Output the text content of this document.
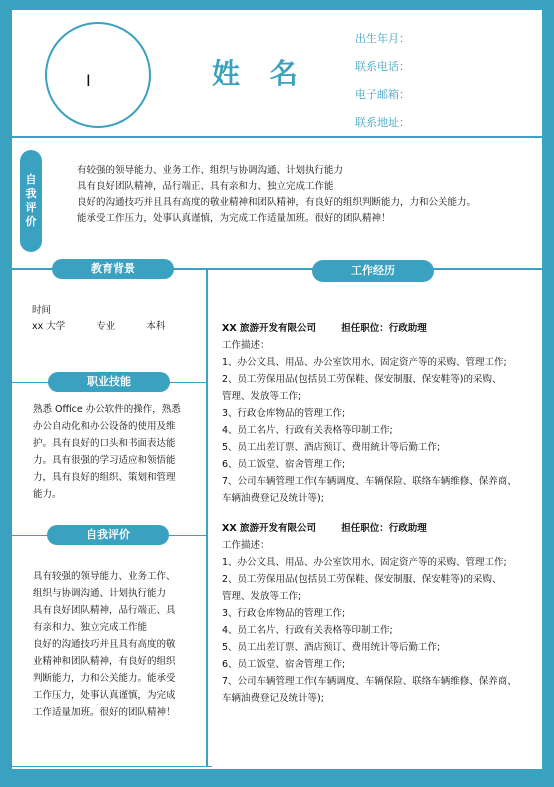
I	姓 名
出生年月：
联系电话：
电子邮箱：
联系地址：
自
我
评
价
有较强的领导能力、业务工作、组织与协调沟通、计划执行能力
具有良好团队精神，品行端正、具有亲和力、独立完成工作能
良好的沟通技巧并且具有高度的敬业精神和团队精神，有良好的组织判断能力，力和公关能力。
能承受工作压力，处事认真谨慎，为完成工作适量加班。很好的团队精神！
教育背景
时间
xx 大学	专业	本科
职业技能
熟悉 Office 办公软件的操作，熟悉
办公自动化和办公设备的使用及维
护。具有良好的口头和书面表达能
力。具有很强的学习适应和领悟能
力，具有良好的组织、策划和管理
能力。
自我评价
具有较强的领导能力、业务工作、
组织与协调沟通、计划执行能力
具有良好团队精神，品行端正、具
有亲和力、独立完成工作能
良好的沟通技巧并且具有高度的敬
业精神和团队精神，有良好的组织
判断能力，力和公关能力。能承受
工作压力，处事认真谨慎，为完成
工作适量加班。很好的团队精神！
工作经历
XX 旅游开发有限公司	担任职位：行政助理
工作描述：
1、办公文具、用品、办公室饮用水、固定资产等的采购、管理工作;
2、员工劳保用品(包括员工劳保鞋、保安制服、保安鞋等)的采购、
管理、发放等工作;
3、行政仓库物品的管理工作;
4、员工名片、行政有关表格等印制工作;
5、员工出差订票、酒店预订、费用統计等后勤工作;
6、员工饭堂、宿舍管理工作;
7、公司车辆管理工作(车辆调度、车辆保险、联络车辆维修、保养商、
车辆油费登记及统计等);
XX 旅游开发有限公司	担任职位：行政助理
工作描述：
1、办公文具、用品、办公室饮用水、固定资产等的采购、管理工作;
2、员工劳保用品(包括员工劳保鞋、保安制服、保安鞋等)的采购、
管理、发放等工作;
3、行政仓库物品的管理工作;
4、员工名片、行政有关表格等印制工作;
5、员工出差订票、酒店预订、费用统计等后勤工作;
6、员工饭堂、宿舍管理工作;
7、公司车辆管理工作(车辆调度、车辆保险、联络车辆维修、保养商、
车辆油费登记及统计等);
